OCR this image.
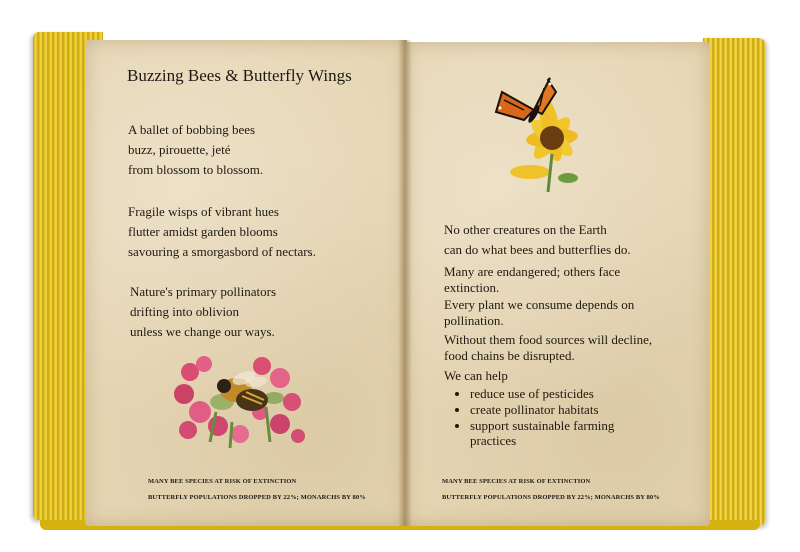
Buzzing Bees & Butterfly Wings
A ballet of bobbing bees
buzz, pirouette, jeté
from blossom to blossom.
Fragile wisps of vibrant hues
flutter amidst garden blooms
savouring a smorgasbord of nectars.
Nature's primary pollinators
drifting into oblivion
unless we change our ways.
MANY BEE SPECIES AT RISK OF EXTINCTION
BUTTERFLY POPULATIONS DROPPED BY 22%; MONARCHS BY 80%
No other creatures on the Earth
can do what bees and butterflies do.
Many are endangered; others face
extinction.
Every plant we consume depends on
pollination.
Without them food sources will decline,
food chains be disrupted.
We can help
• reduce use of pesticides
• create pollinator habitats
• support sustainable farming practices
MANY BEE SPECIES AT RISK OF EXTINCTION
BUTTERFLY POPULATIONS DROPPED BY 22%; MONARCHS BY 80%
